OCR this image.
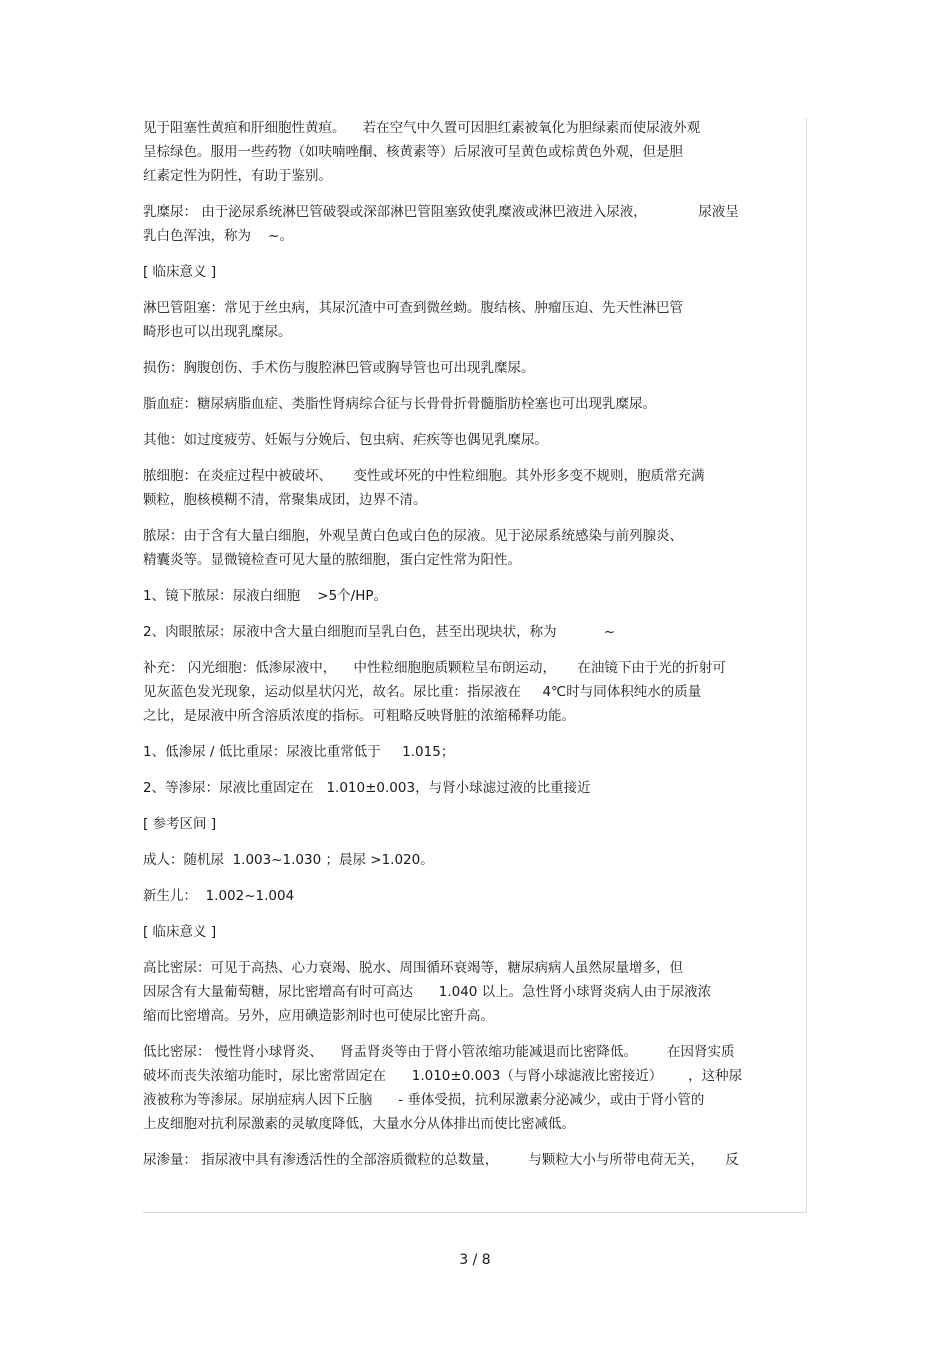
见于阻塞性黄疸和肝细胞性黄疸。    若在空气中久置可因胆红素被氧化为胆绿素而使尿液外观
呈棕绿色。服用一些药物（如呋喃唑酮、核黄素等）后尿液可呈黄色或棕黄色外观，但是胆
红素定性为阴性，有助于鉴别。
乳糜尿： 由于泌尿系统淋巴管破裂或深部淋巴管阻塞致使乳糜液或淋巴液进入尿液，            尿液呈
乳白色浑浊，称为    ~。
[ 临床意义 ]
淋巴管阻塞：常见于丝虫病，其尿沉渣中可查到微丝蚴。腹结核、肿瘤压迫、先天性淋巴管
畸形也可以出现乳糜尿。
损伤：胸腹创伤、手术伤与腹腔淋巴管或胸导管也可出现乳糜尿。
脂血症：糖尿病脂血症、类脂性肾病综合征与长骨骨折骨髓脂肪栓塞也可出现乳糜尿。
其他：如过度疲劳、妊娠与分娩后、包虫病、疟疾等也偶见乳糜尿。
脓细胞：在炎症过程中被破坏、     变性或坏死的中性粒细胞。其外形多变不规则，胞质常充满
颗粒，胞核模糊不清，常聚集成团，边界不清。
脓尿：由于含有大量白细胞，外观呈黄白色或白色的尿液。见于泌尿系统感染与前列腺炎、
精囊炎等。显微镜检查可见大量的脓细胞，蛋白定性常为阳性。
1、镜下脓尿：尿液白细胞    >5个/HP。
2、肉眼脓尿：尿液中含大量白细胞而呈乳白色，甚至出现块状，称为           ~
补充： 闪光细胞：低渗尿液中，    中性粒细胞胞质颗粒呈布朗运动，     在油镜下由于光的折射可
见灰蓝色发光现象，运动似星状闪光，故名。尿比重：指尿液在     4℃时与同体积纯水的质量
之比，是尿液中所含溶质浓度的指标。可粗略反映肾脏的浓缩稀释功能。
1、低渗尿 / 低比重尿：尿液比重常低于     1.015；
2、等渗尿：尿液比重固定在   1.010±0.003，与肾小球滤过液的比重接近
[ 参考区间 ]
成人：随机尿  1.003~1.030 ；晨尿 >1.020。
新生儿：  1.002~1.004
[ 临床意义 ]
高比密尿：可见于高热、心力衰竭、脱水、周围循环衰竭等，糖尿病病人虽然尿量增多，但
因尿含有大量葡萄糖，尿比密增高有时可高达      1.040 以上。急性肾小球肾炎病人由于尿液浓
缩而比密增高。另外，应用碘造影剂时也可使尿比密升高。
低比密尿： 慢性肾小球肾炎、    肾盂肾炎等由于肾小管浓缩功能减退而比密降低。       在因肾实质
破坏而丧失浓缩功能时，尿比密常固定在      1.010±0.003（与肾小球滤液比密接近）      ，这种尿
液被称为等渗尿。尿崩症病人因下丘脑      - 垂体受损，抗利尿激素分泌减少，或由于肾小管的
上皮细胞对抗利尿激素的灵敏度降低，大量水分从体排出而使比密减低。
尿渗量： 指尿液中具有渗透活性的全部溶质微粒的总数量，       与颗粒大小与所带电荷无关，     反
3 / 8
